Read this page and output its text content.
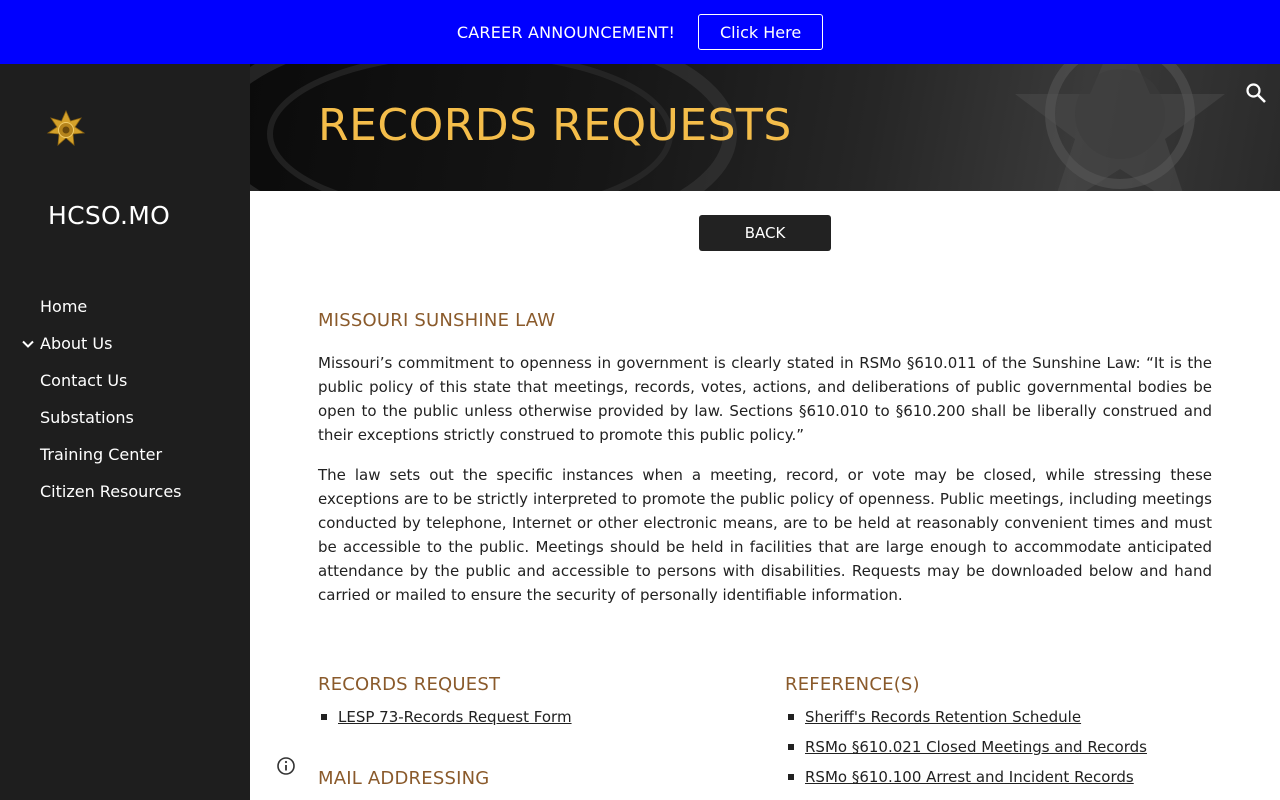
CAREER ANNOUNCEMENT!	Click Here
HCSO.MO
Home
About Us
Contact Us
Substations
Training Center
Citizen Resources
RECORDS REQUESTS
BACK
MISSOURI SUNSHINE LAW

Missouri’s commitment to openness in government is clearly stated in RSMo §610.011 of the Sunshine Law: “It is the public policy of this state that meetings, records, votes, actions, and deliberations of public governmental bodies be open to the public unless otherwise provided by law. Sections §610.010 to §610.200 shall be liberally construed and their exceptions strictly construed to promote this public policy.”

The law sets out the specific instances when a meeting, record, or vote may be closed, while stressing these exceptions are to be strictly interpreted to promote the public policy of openness. Public meetings, including meetings conducted by telephone, Internet or other electronic means, are to be held at reasonably convenient times and must be accessible to the public. Meetings should be held in facilities that are large enough to accommodate anticipated attendance by the public and accessible to persons with disabilities. Requests may be downloaded below and hand carried or mailed to ensure the security of personally identifiable information.

RECORDS REQUEST
LESP 73-Records Request Form
REFERENCE(S)
Sheriff's Records Retention Schedule
RSMo §610.021 Closed Meetings and Records
RSMo §610.100 Arrest and Incident Records
MAIL ADDRESSING
